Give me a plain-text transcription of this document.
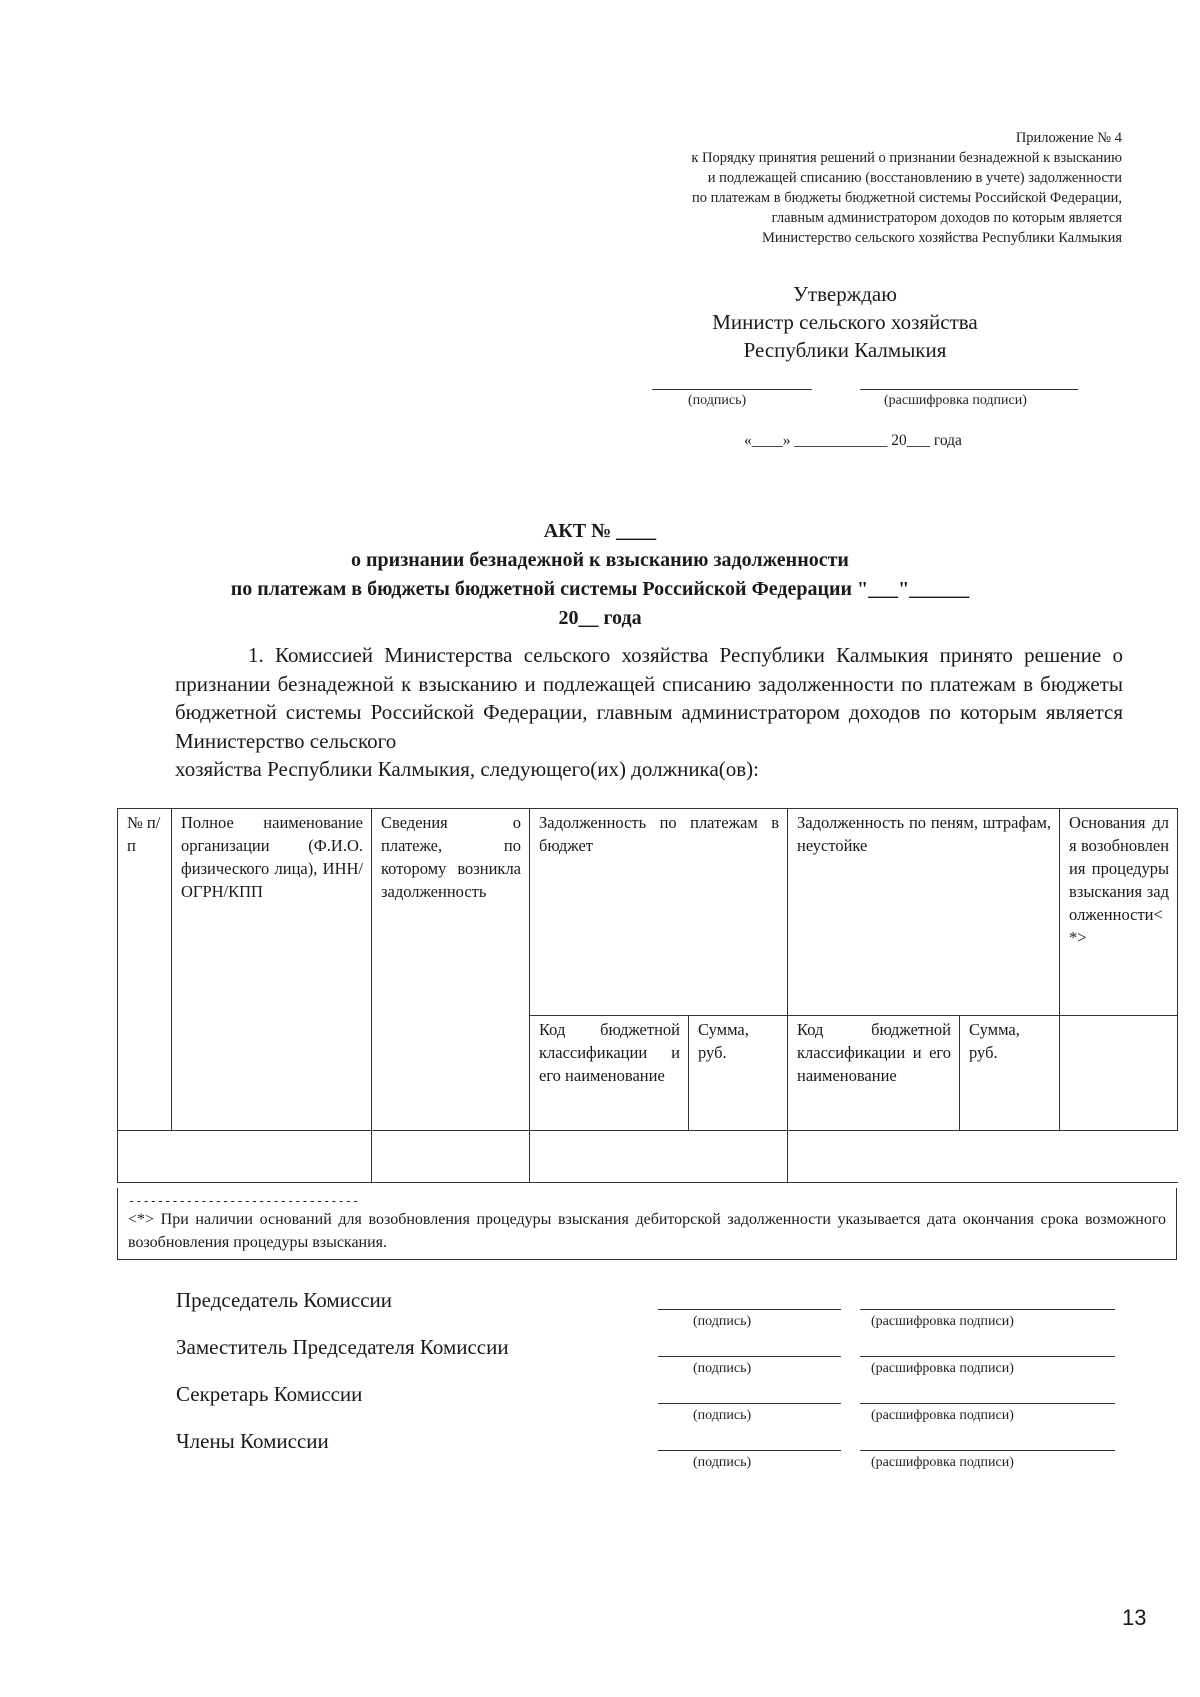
Приложение № 4
к Порядку принятия решений о признании безнадежной к взысканию
и подлежащей списанию (восстановлению в учете) задолженности
по платежам в бюджеты бюджетной системы Российской Федерации,
главным администратором доходов по которым является
Министерство сельского хозяйства Республики Калмыкия
Утверждаю
Министр сельского хозяйства
Республики Калмыкия
(подпись)	(расшифровка подписи)
«____» ____________ 20___ года
АКТ № ____
о признании безнадежной к взысканию задолженности
по платежам в бюджеты бюджетной системы Российской Федерации "___"______
20__ года
1. Комиссией Министерства сельского хозяйства Республики Калмыкия принято решение о признании безнадежной к взысканию и подлежащей списанию задолженности по платежам в бюджеты бюджетной системы Российской Федерации, главным администратором доходов по которым является Министерство сельского
хозяйства Республики Калмыкия, следующего(их) должника(ов):
№ п/п	Полное наименование организации (Ф.И.О. физического лица), ИНН/ОГРН/КПП	Сведения о платеже, по которому возникла задолженность	Задолженность по платежам в бюджет		Задолженность по пеням, штрафам, неустойке		Основания для возобновления процедуры взыскания задолженности<*>
			Код бюджетной классификации и его наименование	Сумма, руб.	Код бюджетной классификации и его наименование	Сумма, руб.	

--------------------------------
<*> При наличии оснований для возобновления процедуры взыскания дебиторской задолженности указывается дата окончания срока возможного возобновления процедуры взыскания.
Председатель Комиссии
(подпись)	(расшифровка подписи)
Заместитель Председателя Комиссии
(подпись)	(расшифровка подписи)
Секретарь Комиссии
(подпись)	(расшифровка подписи)
Члены Комиссии
(подпись)	(расшифровка подписи)
13
